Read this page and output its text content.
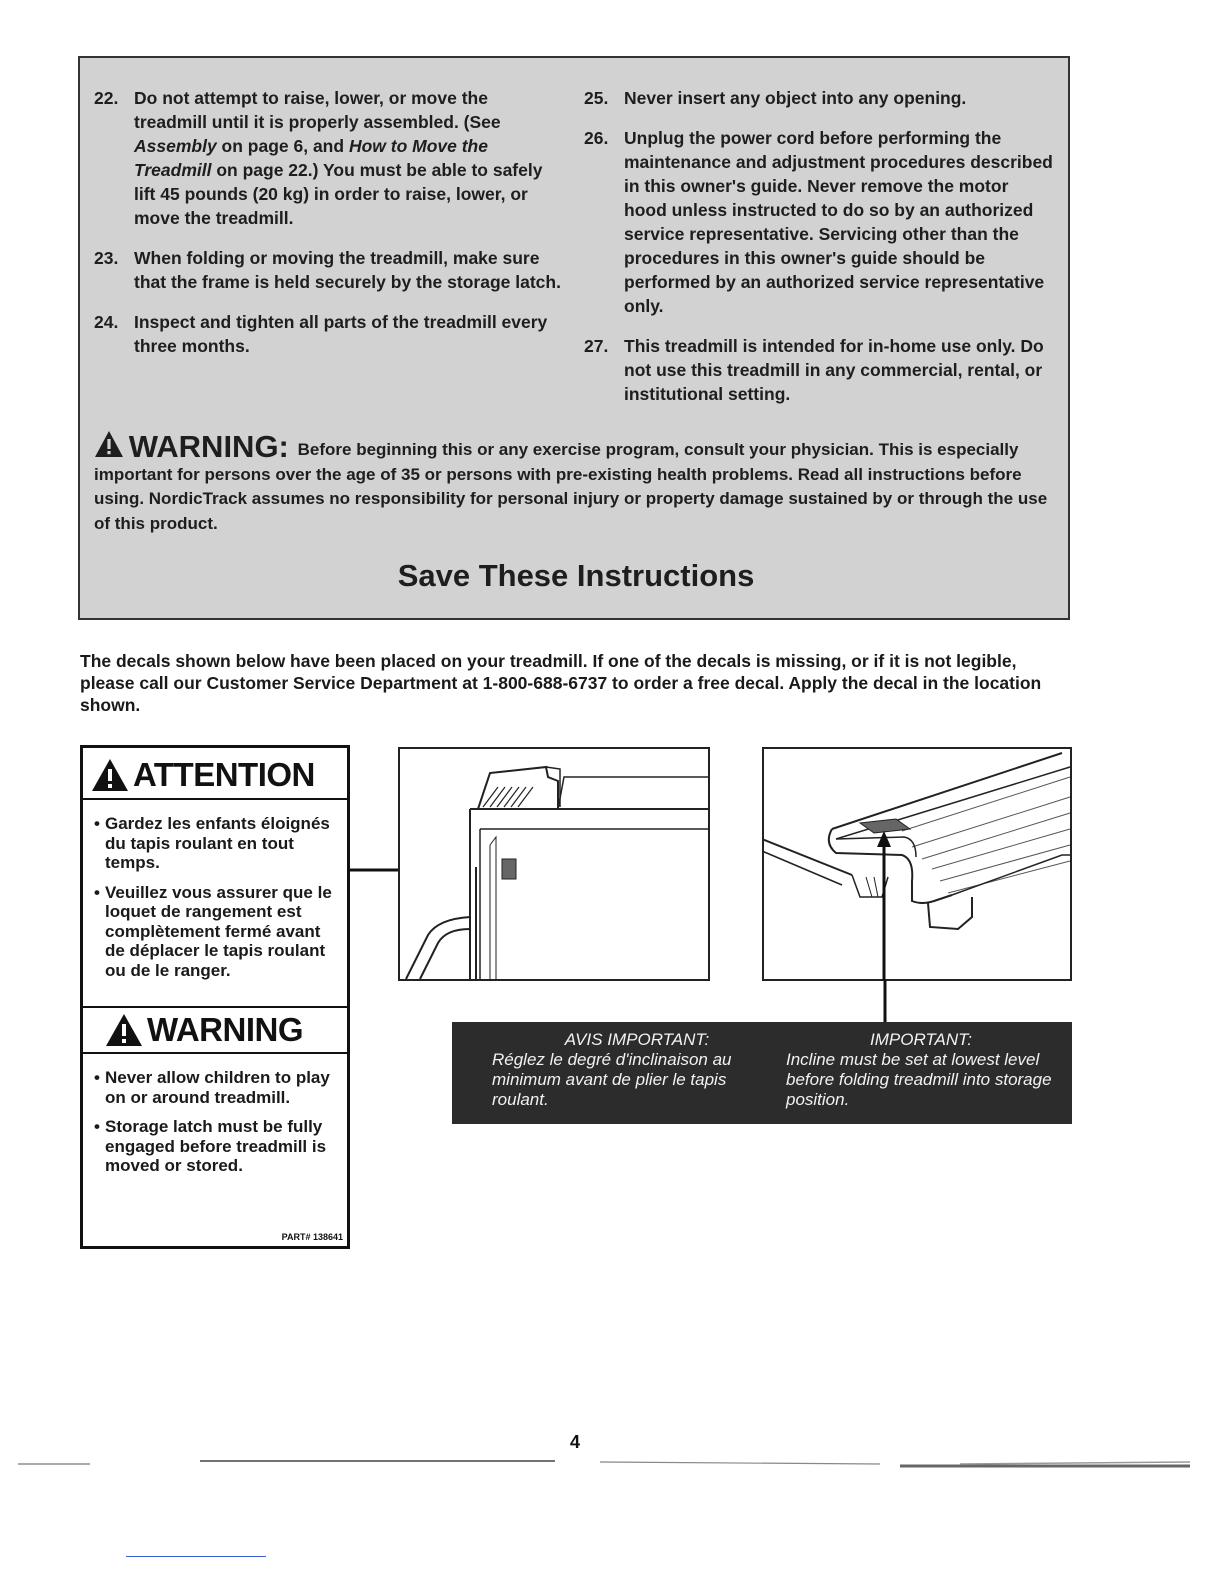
22. Do not attempt to raise, lower, or move the treadmill until it is properly assembled. (See Assembly on page 6, and How to Move the Treadmill on page 22.) You must be able to safely lift 45 pounds (20 kg) in order to raise, lower, or move the treadmill.
23. When folding or moving the treadmill, make sure that the frame is held securely by the storage latch.
24. Inspect and tighten all parts of the treadmill every three months.
25. Never insert any object into any opening.
26. Unplug the power cord before performing the maintenance and adjustment procedures described in this owner's guide. Never remove the motor hood unless instructed to do so by an authorized service representative. Servicing other than the procedures in this owner's guide should be performed by an authorized service representative only.
27. This treadmill is intended for in-home use only. Do not use this treadmill in any commercial, rental, or institutional setting.
WARNING: Before beginning this or any exercise program, consult your physician. This is especially important for persons over the age of 35 or persons with pre-existing health problems. Read all instructions before using. NordicTrack assumes no responsibility for personal injury or property damage sustained by or through the use of this product.
Save These Instructions
The decals shown below have been placed on your treadmill. If one of the decals is missing, or if it is not legible, please call our Customer Service Department at 1-800-688-6737 to order a free decal. Apply the decal in the location shown.
ATTENTION
• Gardez les enfants éloignés du tapis roulant en tout temps.
• Veuillez vous assurer que le loquet de rangement est complètement fermé avant de déplacer le tapis roulant ou de le ranger.
WARNING
• Never allow children to play on or around treadmill.
• Storage latch must be fully engaged before treadmill is moved or stored.
PART# 138641
AVIS IMPORTANT:
Réglez le degré d'inclinaison au minimum avant de plier le tapis roulant.
IMPORTANT:
Incline must be set at lowest level before folding treadmill into storage position.
4
